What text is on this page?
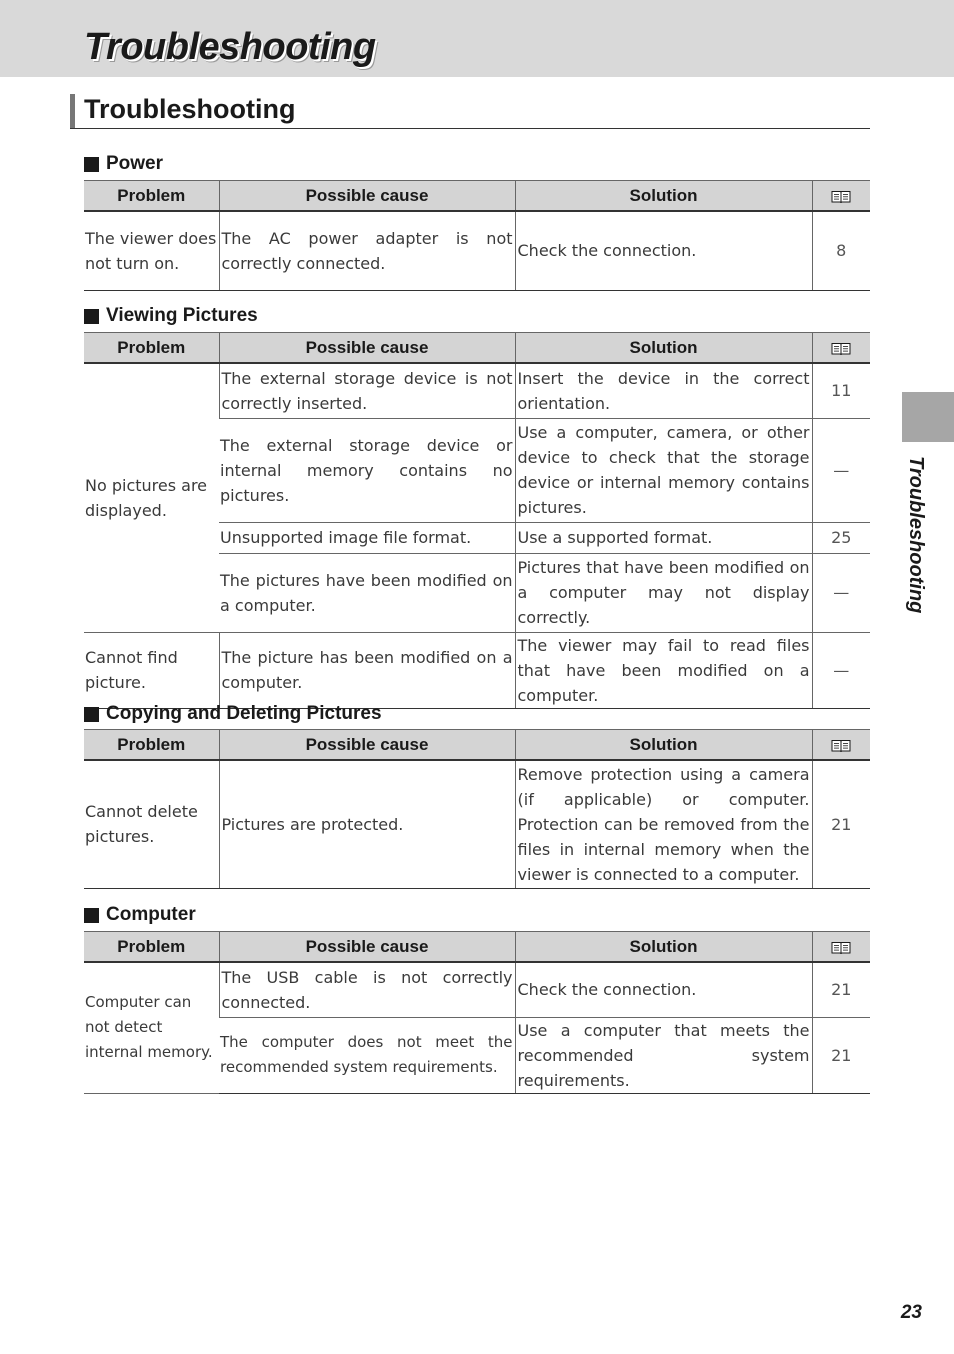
Troubleshooting
Troubleshooting
Power
Problem	Possible cause	Solution	
The viewer does not turn on.	The AC power adapter is not correctly connected.	Check the connection.	8
Viewing Pictures
Problem	Possible cause	Solution	
No pictures are displayed.	The external storage device is not correctly inserted.	Insert the device in the correct orientation.	11
	The external storage device or internal memory contains no pictures.	Use a computer, camera, or other device to check that the storage device or internal memory contains pictures.	—
	Unsupported image file format.	Use a supported format.	25
	The pictures have been modified on a computer.	Pictures that have been modified on a computer may not display correctly.	—
Cannot find picture.	The picture has been modified on a computer.	The viewer may fail to read files that have been modified on a computer.	—
Copying and Deleting Pictures
Problem	Possible cause	Solution	
Cannot delete pictures.	Pictures are protected.	Remove protection using a camera (if applicable) or computer. Protection can be removed from the files in internal memory when the viewer is connected to a computer.	21
Computer
Problem	Possible cause	Solution	
Computer can not detect internal memory.	The USB cable is not correctly connected.	Check the connection.	21
	The computer does not meet the recommended system requirements.	Use a computer that meets the recommended system requirements.	21
Troubleshooting
23
